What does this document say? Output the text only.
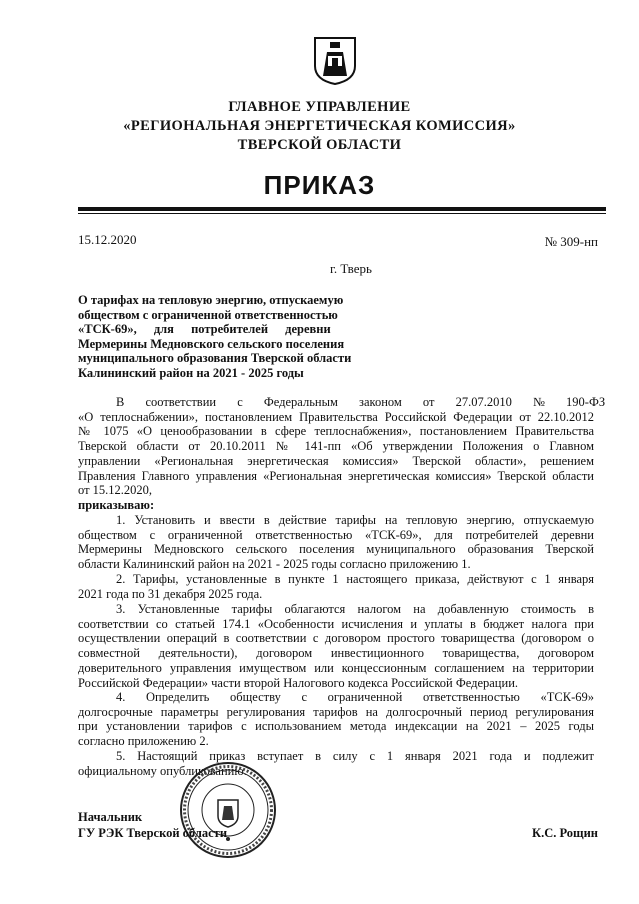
ГЛАВНОЕ УПРАВЛЕНИЕ
«РЕГИОНАЛЬНАЯ ЭНЕРГЕТИЧЕСКАЯ КОМИССИЯ»
ТВЕРСКОЙ ОБЛАСТИ
ПРИКАЗ
15.12.2020	№ 309-нп
г. Тверь
О тарифах на тепловую энергию, отпускаемую
обществом с ограниченной ответственностью
«ТСК-69», для потребителей деревни
Мермерины Медновского сельского поселения
муниципального образования Тверской области
Калининский район на 2021 - 2025 годы
В соответствии с Федеральным законом от 27.07.2010 № 190-ФЗ
«О теплоснабжении», постановлением Правительства Российской Федерации от 22.10.2012
№ 1075 «О ценообразовании в сфере теплоснабжения», постановлением Правительства
Тверской области от 20.10.2011 № 141-пп «Об утверждении Положения о Главном
управлении «Региональная энергетическая комиссия» Тверской области», решением
Правления Главного управления «Региональная энергетическая комиссия» Тверской области
от 15.12.2020,
приказываю:
1. Установить и ввести в действие тарифы на тепловую энергию, отпускаемую
обществом с ограниченной ответственностью «ТСК-69», для потребителей деревни
Мермерины Медновского сельского поселения муниципального образования Тверской
области Калининский район на 2021 - 2025 годы согласно приложению 1.
2. Тарифы, установленные в пункте 1 настоящего приказа, действуют с 1 января
2021 года по 31 декабря 2025 года.
3. Установленные тарифы облагаются налогом на добавленную стоимость в
соответствии со статьей 174.1 «Особенности исчисления и уплаты в бюджет налога при
осуществлении операций в соответствии с договором простого товарищества (договором о
совместной деятельности), договором инвестиционного товарищества, договором
доверительного управления имуществом или концессионным соглашением на территории
Российской Федерации» части второй Налогового кодекса Российской Федерации.
4. Определить обществу с ограниченной ответственностью «ТСК-69»
долгосрочные параметры регулирования тарифов на долгосрочный период регулирования
при установлении тарифов с использованием метода индексации на 2021 – 2025 годы
согласно приложению 2.
5. Настоящий приказ вступает в силу с 1 января 2021 года и подлежит
официальному опубликованию.
Начальник
ГУ РЭК Тверской области	К.С. Рощин
